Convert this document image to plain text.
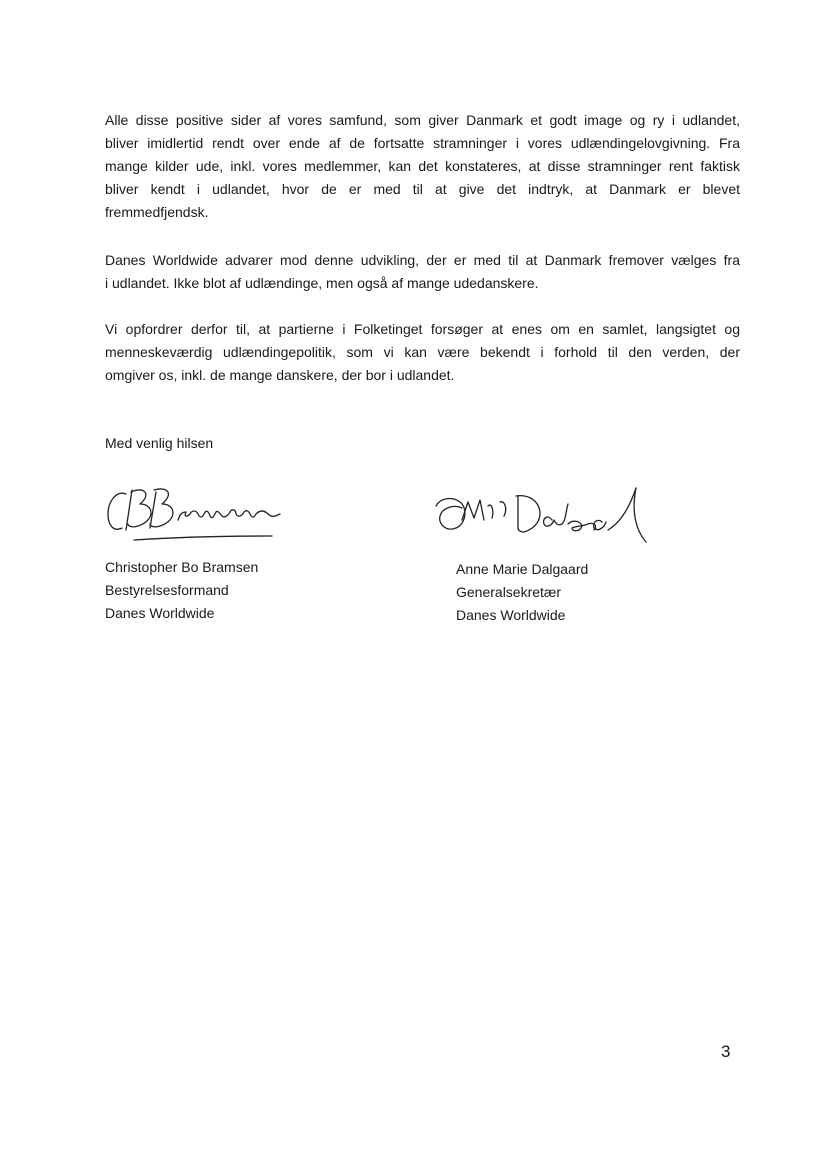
Alle disse positive sider af vores samfund, som giver Danmark et godt image og ry i udlandet,
bliver imidlertid rendt over ende af de fortsatte stramninger i vores udlændingelovgivning. Fra
mange kilder ude, inkl. vores medlemmer, kan det konstateres, at disse stramninger rent faktisk
bliver kendt i udlandet, hvor de er med til at give det indtryk, at Danmark er blevet
fremmedfjendsk.

Danes Worldwide advarer mod denne udvikling, der er med til at Danmark fremover vælges fra
i udlandet. Ikke blot af udlændinge, men også af mange udedanskere.

Vi opfordrer derfor til, at partierne i Folketinget forsøger at enes om en samlet, langsigtet og
menneskeværdig udlændingepolitik, som vi kan være bekendt i forhold til den verden, der
omgiver os, inkl. de mange danskere, der bor i udlandet.

Med venlig hilsen
Christopher Bo Bramsen
Bestyrelsesformand
Danes Worldwide
Anne Marie Dalgaard
Generalsekretær
Danes Worldwide
3
